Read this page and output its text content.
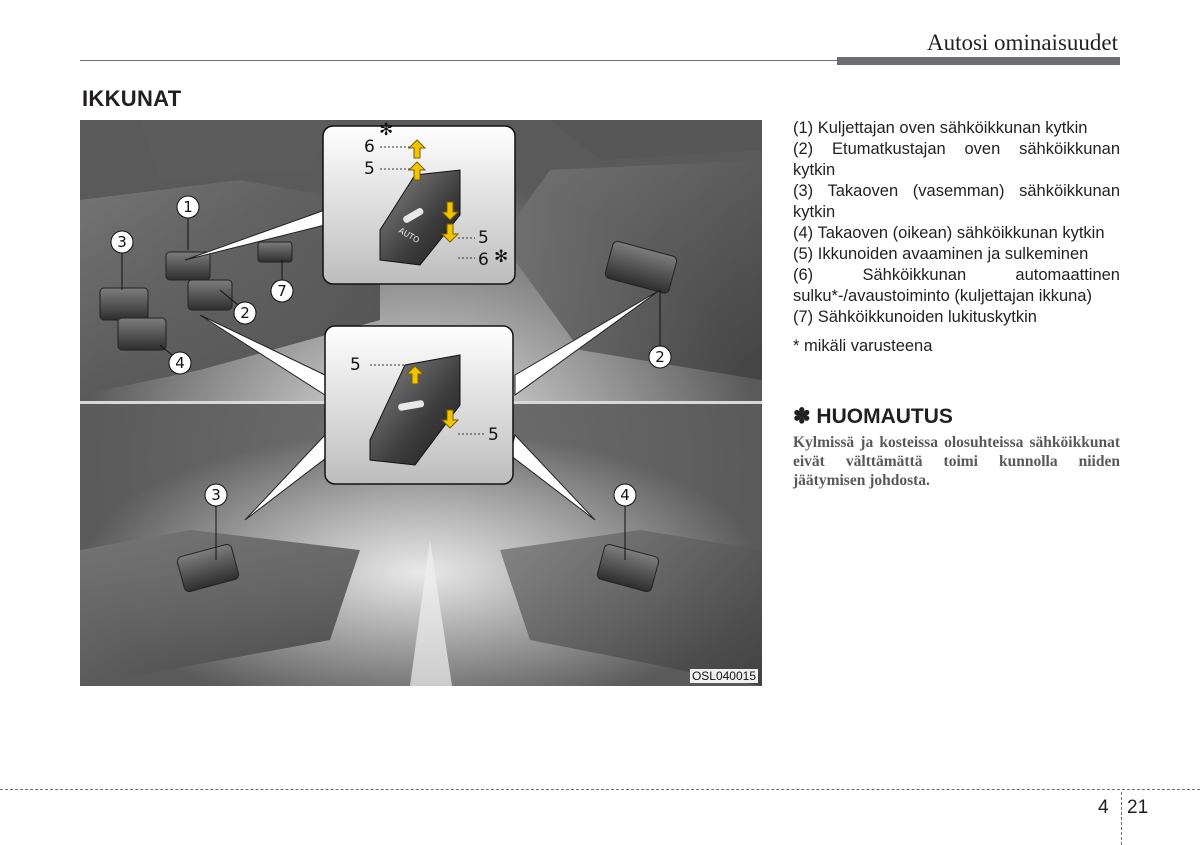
Autosi ominaisuudet
IKKUNAT
AUTO
6
✻
5
5
6 ✻
5
5
1
2
3
4
7
2
3	4
OSL040015
(1) Kuljettajan oven sähköikkunan kytkin
(2) Etumatkustajan oven sähköikkunan kytkin
(3) Takaoven (vasemman) sähköikkunan kytkin
(4) Takaoven (oikean) sähköikkunan kytkin
(5) Ikkunoiden avaaminen ja sulkeminen
(6) Sähköikkunan automaattinen sulku*-/avaustoiminto (kuljettajan ikkuna)
(7) Sähköikkunoiden lukituskytkin
* mikäli varusteena
✽ HUOMAUTUS
Kylmissä ja kosteissa olosuhteissa sähköikkunat eivät välttämättä toimi kunnolla niiden jäätymisen johdosta.
4 21
